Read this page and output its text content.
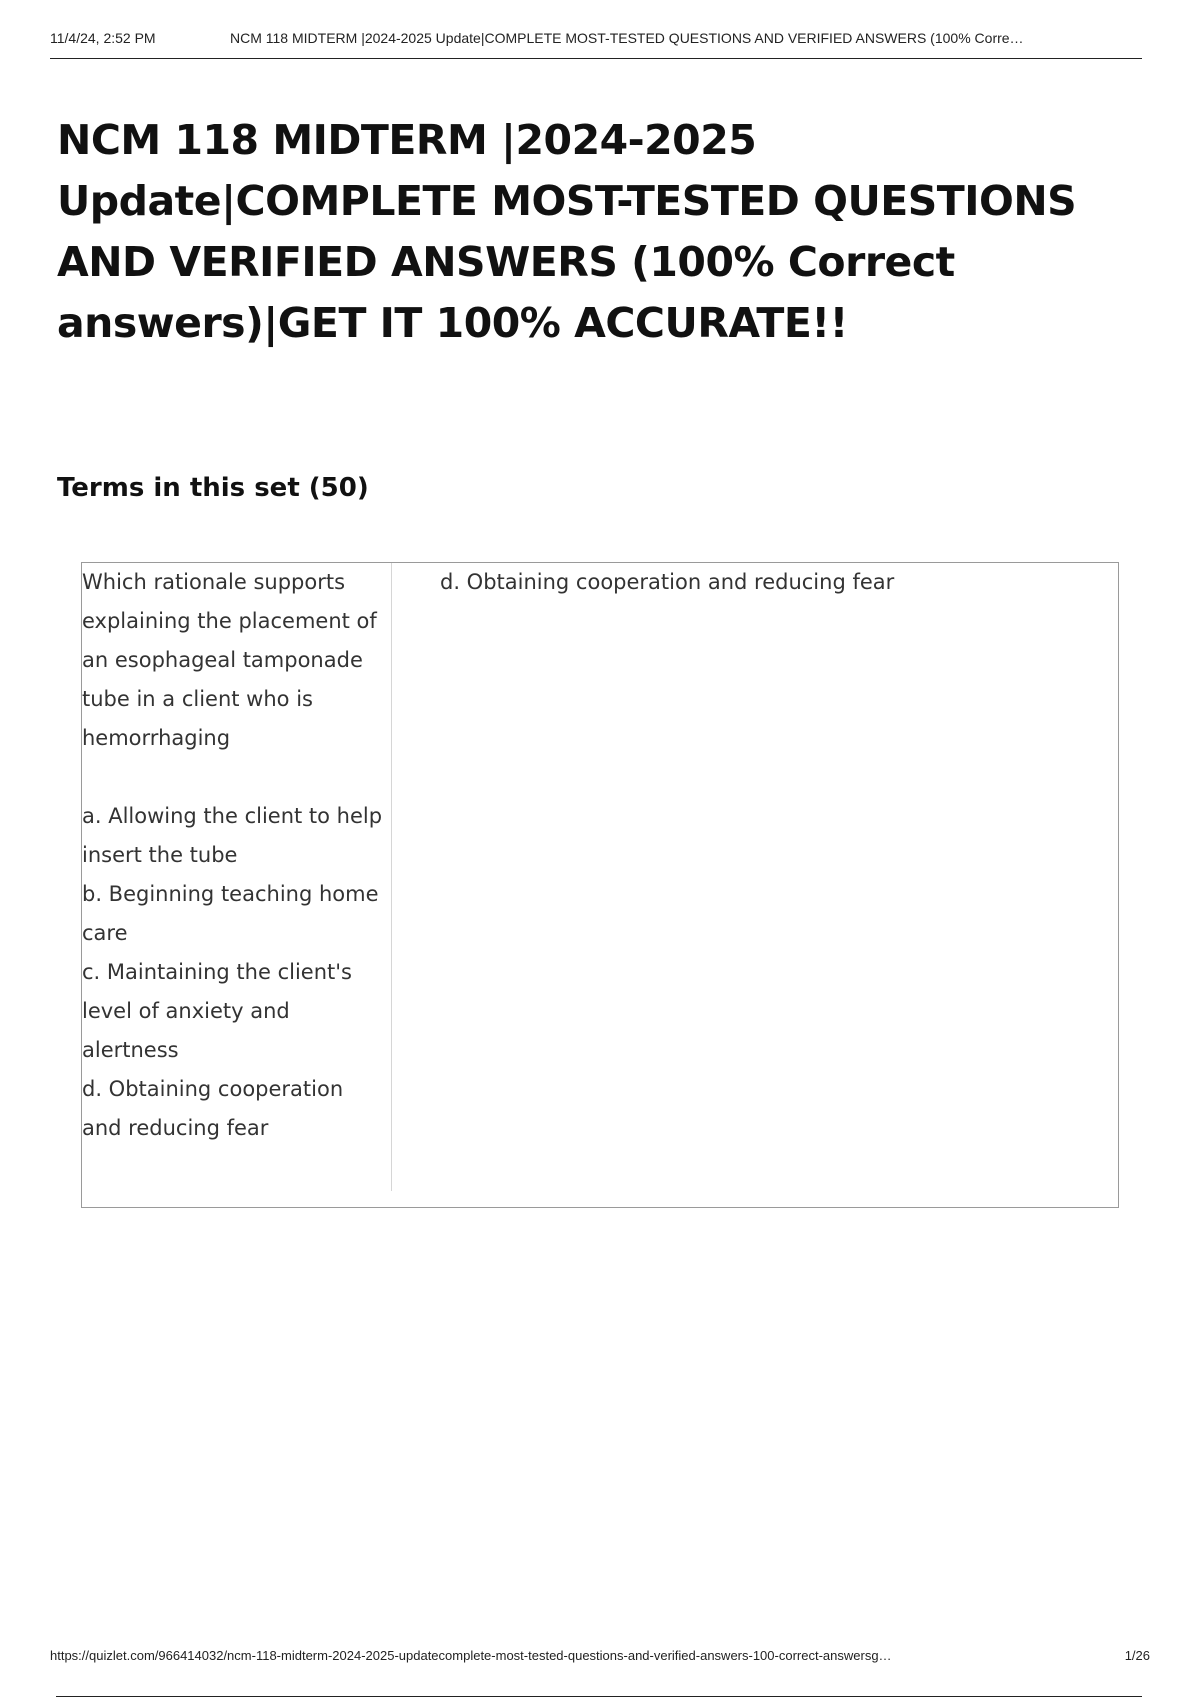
11/4/24, 2:52 PM	NCM 118 MIDTERM |2024-2025 Update|COMPLETE MOST-TESTED QUESTIONS AND VERIFIED ANSWERS (100% Corre…
NCM 118 MIDTERM |2024-2025 Update|COMPLETE MOST-TESTED QUESTIONS AND VERIFIED ANSWERS (100% Correct answers)|GET IT 100% ACCURATE!!
Terms in this set (50)
Which rationale supports explaining the placement of an esophageal tamponade tube in a client who is hemorrhaging

a. Allowing the client to help insert the tube
b. Beginning teaching home care
c. Maintaining the client's level of anxiety and alertness
d. Obtaining cooperation and reducing fear
d. Obtaining cooperation and reducing fear
https://quizlet.com/966414032/ncm-118-midterm-2024-2025-updatecomplete-most-tested-questions-and-verified-answers-100-correct-answersg…	1/26
